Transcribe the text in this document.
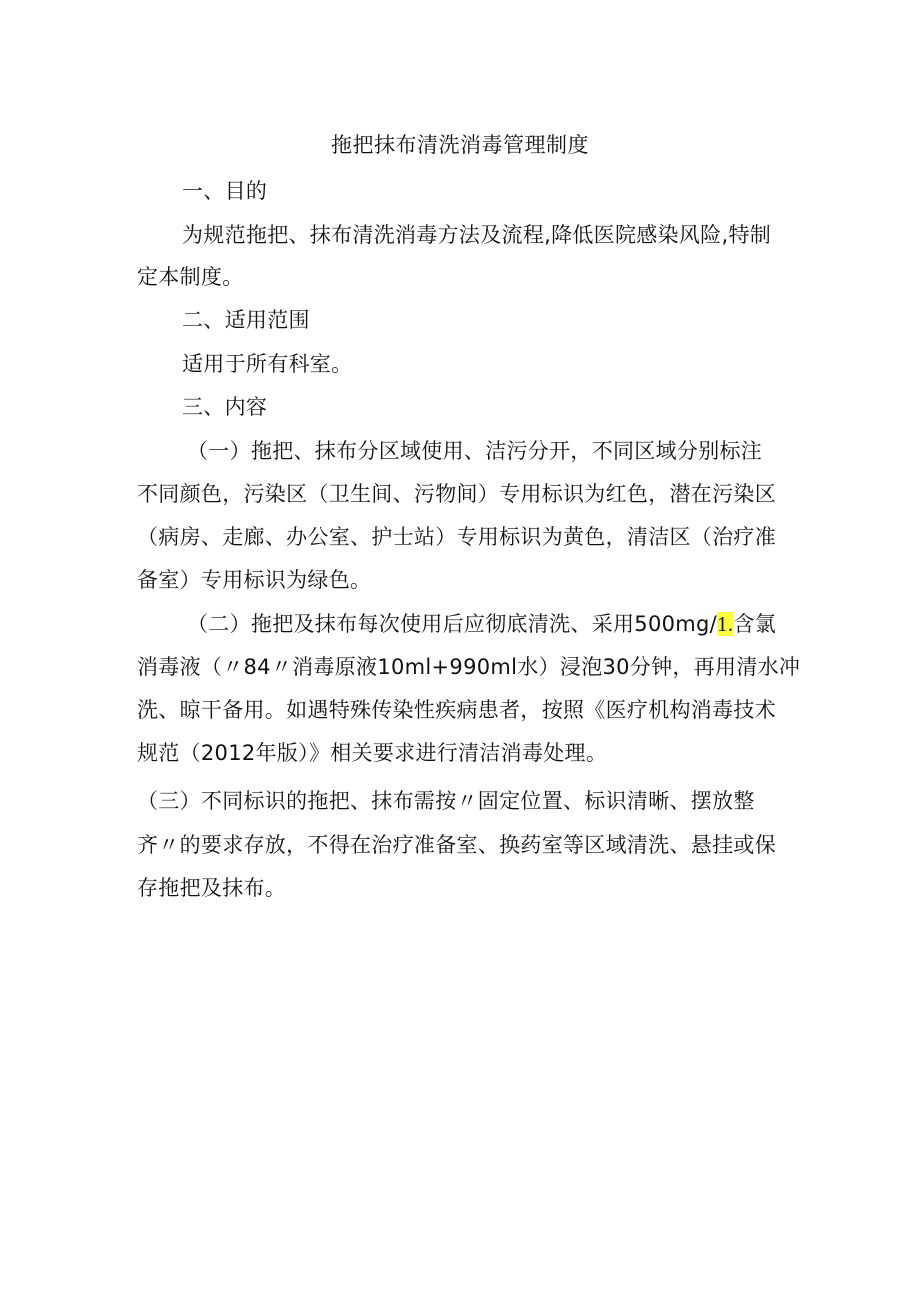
拖把抹布清洗消毒管理制度
一、目的
为规范拖把、抹布清洗消毒方法及流程,降低医院感染风险,特制
定本制度。
二、适用范围
适用于所有科室。
三、内容
（一）拖把、抹布分区域使用、洁污分开，不同区域分别标注
不同颜色，污染区（卫生间、污物间）专用标识为红色，潜在污染区
（病房、走廊、办公室、护士站）专用标识为黄色，清洁区（治疗准
备室）专用标识为绿色。
（二）拖把及抹布每次使用后应彻底清洗、采用500mg/1.含氯
消毒液（〃84〃消毒原液10ml+990ml水）浸泡30分钟，再用清水冲
洗、晾干备用。如遇特殊传染性疾病患者，按照《医疗机构消毒技术
规范（2012年版）》相关要求进行清洁消毒处理。
（三）不同标识的拖把、抹布需按〃固定位置、标识清晰、摆放整
齐〃的要求存放，不得在治疗准备室、换药室等区域清洗、悬挂或保
存拖把及抹布。
